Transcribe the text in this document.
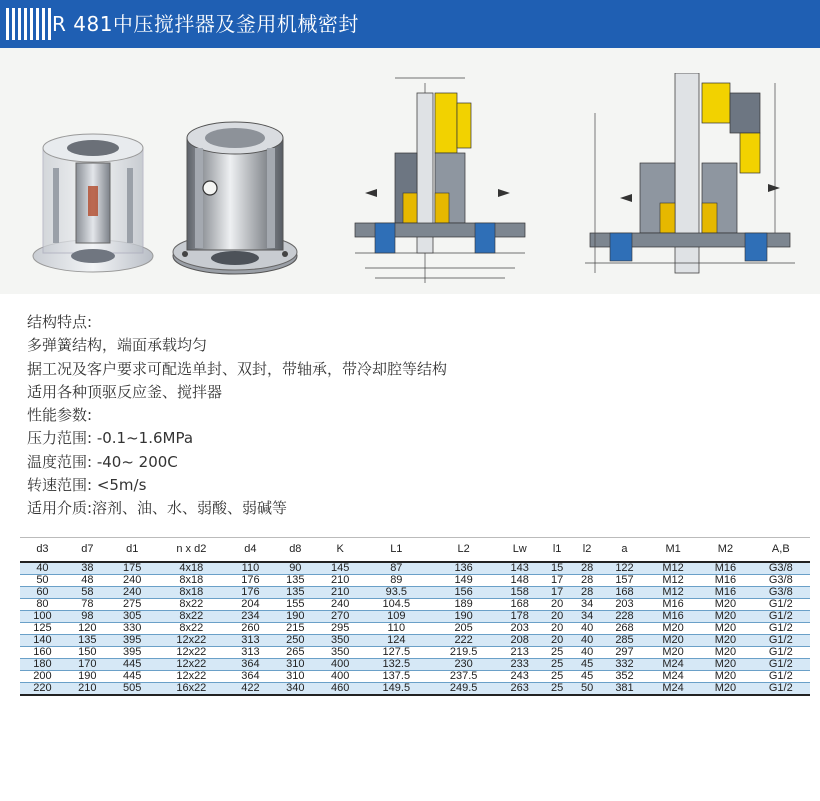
R 481中压搅拌器及釜用机械密封

结构特点:

多弹簧结构，端面承载均匀

据工况及客户要求可配选单封、双封，带轴承，带冷却腔等结构

适用各种顶驱反应釜、搅拌器

性能参数:

压力范围: -0.1~1.6MPa

温度范围: -40~ 200C

转速范围: <5m/s

适用介质:溶剂、油、水、弱酸、弱碱等

d3	d7	d1	n x d2	d4	d8	K	L1	L2	Lw	l1	l2	a	M1	M2	A,B
40	38	175	4x18	110	90	145	87	136	143	15	28	122	M12	M16	G3/8
50	48	240	8x18	176	135	210	89	149	148	17	28	157	M12	M16	G3/8
60	58	240	8x18	176	135	210	93.5	156	158	17	28	168	M12	M16	G3/8
80	78	275	8x22	204	155	240	104.5	189	168	20	34	203	M16	M20	G1/2
100	98	305	8x22	234	190	270	109	190	178	20	34	228	M16	M20	G1/2
125	120	330	8x22	260	215	295	110	205	203	20	40	268	M20	M20	G1/2
140	135	395	12x22	313	250	350	124	222	208	20	40	285	M20	M20	G1/2
160	150	395	12x22	313	265	350	127.5	219.5	213	25	40	297	M20	M20	G1/2
180	170	445	12x22	364	310	400	132.5	230	233	25	45	332	M24	M20	G1/2
200	190	445	12x22	364	310	400	137.5	237.5	243	25	45	352	M24	M20	G1/2
220	210	505	16x22	422	340	460	149.5	249.5	263	25	50	381	M24	M20	G1/2
